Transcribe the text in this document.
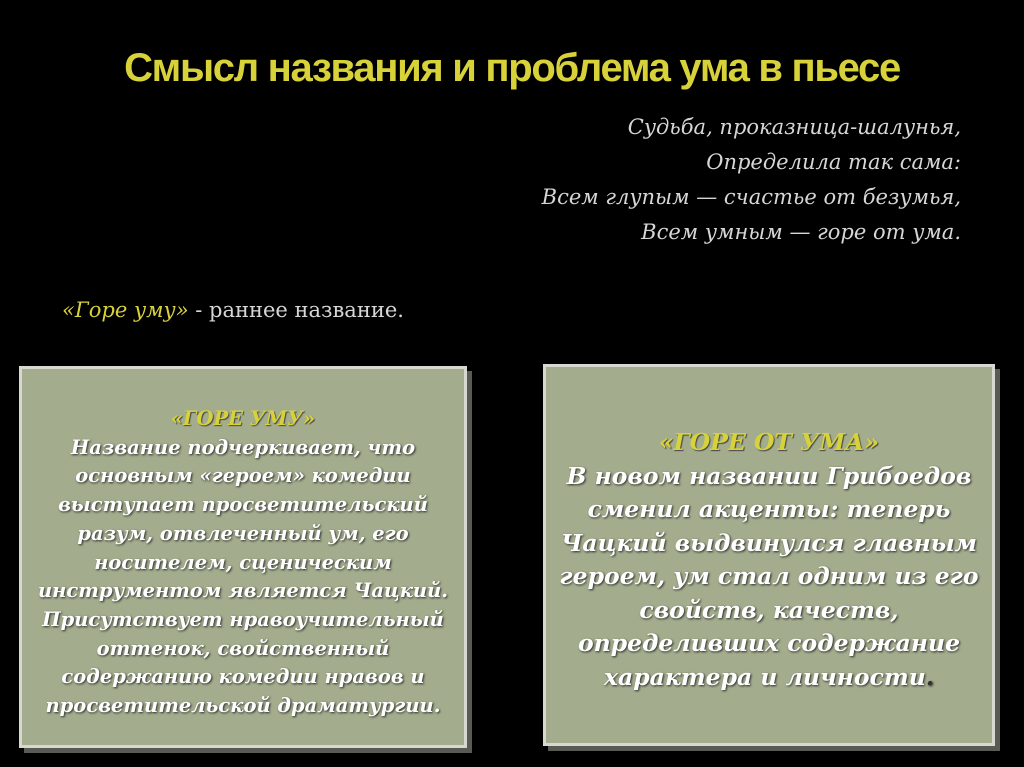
Смысл названия и проблема ума в пьесе
Судьба, проказница-шалунья,
Определила так сама:
Всем глупым — счастье от безумья,
Всем умным — горе от ума.
«Горе уму» - раннее название.
«ГОРЕ УМУ»
Название подчеркивает, что
основным «героем» комедии
выступает просветительский
разум, отвлеченный ум, его
носителем, сценическим
инструментом является Чацкий.
Присутствует нравоучительный
оттенок, свойственный
содержанию комедии нравов и
просветительской драматургии.
«ГОРЕ ОТ УМА»
В новом названии Грибоедов
сменил акценты: теперь
Чацкий выдвинулся главным
героем, ум стал одним из его
свойств, качеств,
определивших содержание
характера и личности.
